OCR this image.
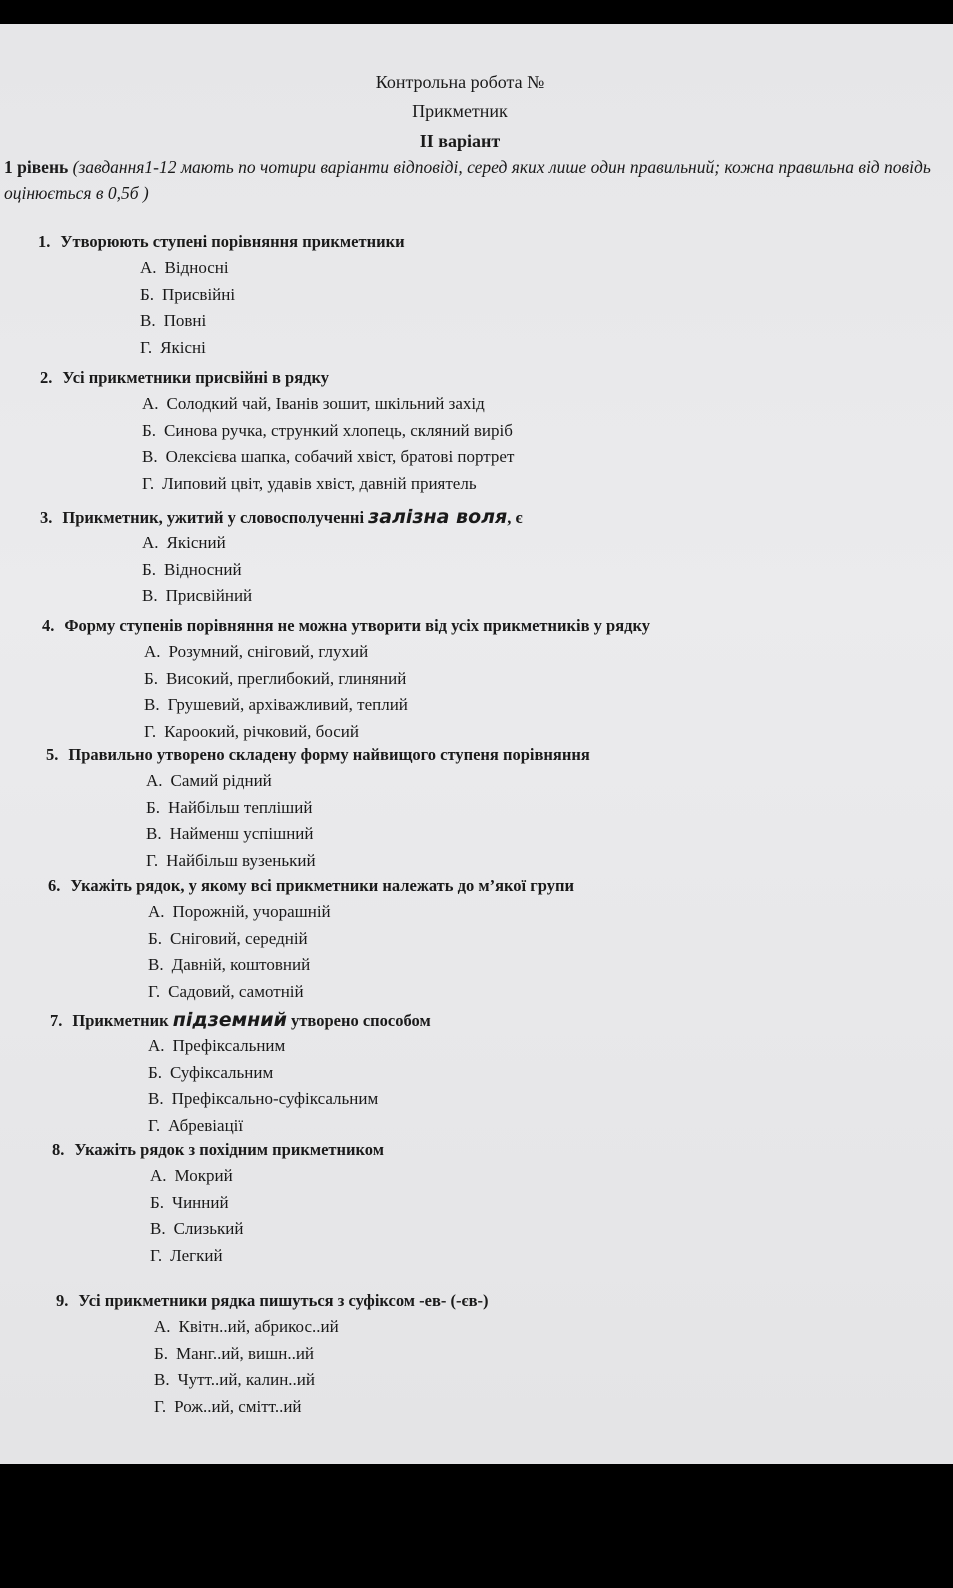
Контрольна робота №
Прикметник
ІІ варіант
1 рівень (завдання1-12 мають по чотири варіанти відповіді, серед яких лише один правильний; кожна правильна від повідь оцінюється в 0,5б )
1. Утворюють ступені порівняння прикметники
А. Відносні
Б. Присвійні
В. Повні
Г. Якісні
2. Усі прикметники присвійні в рядку
А. Солодкий чай, Іванів зошит, шкільний захід
Б. Синова ручка, стрункий хлопець, скляний виріб
В. Олексієва шапка, собачий хвіст, братові портрет
Г. Липовий цвіт, удавів хвіст, давній приятель
3. Прикметник, ужитий у словосполученні залізна воля, є
А. Якісний
Б. Відносний
В. Присвійний
4. Форму ступенів порівняння не можна утворити від усіх прикметників у рядку
А. Розумний, сніговий, глухий
Б. Високий, преглибокий, глиняний
В. Грушевий, архіважливий, теплий
Г. Кароокий, річковий, босий
5. Правильно утворено складену форму найвищого ступеня порівняння
А. Самий рідний
Б. Найбільш тепліший
В. Найменш успішний
Г. Найбільш вузенький
6. Укажіть рядок, у якому всі прикметники належать до м’якої групи
А. Порожній, учорашній
Б. Сніговий, середній
В. Давній, коштовний
Г. Садовий, самотній
7. Прикметник підземний утворено способом
А. Префіксальним
Б. Суфіксальним
В. Префіксально-суфіксальним
Г. Абревіації
8. Укажіть рядок з похідним прикметником
А. Мокрий
Б. Чинний
В. Слизький
Г. Легкий
9. Усі прикметники рядка пишуться з суфіксом -ев- (-єв-)
А. Квітн..ий, абрикос..ий
Б. Манг..ий, вишн..ий
В. Чутт..ий, калин..ий
Г. Рож..ий, смітт..ий
